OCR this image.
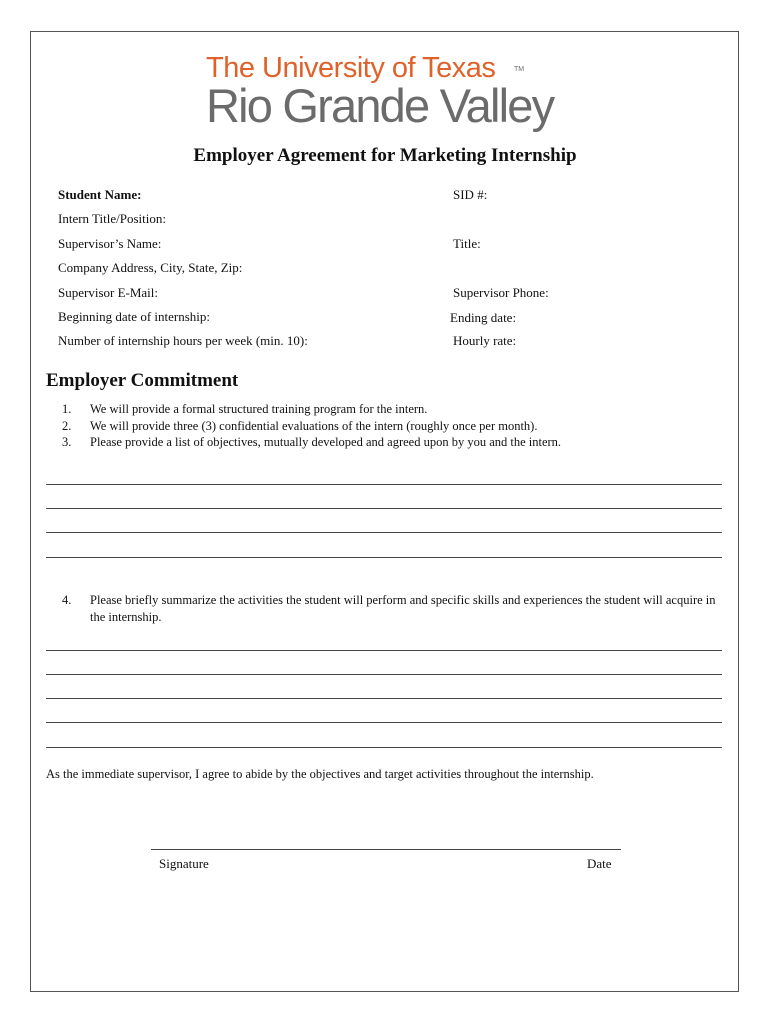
The University of Texas
Rio Grande Valley
TM
Employer Agreement for Marketing Internship
Student Name:	SID #:
Intern Title/Position:
Supervisor’s Name:	Title:
Company Address, City, State, Zip:
Supervisor E-Mail:	Supervisor Phone:
Beginning date of internship:	Ending date:
Number of internship hours per week (min. 10):	Hourly rate:
Employer Commitment
1.	We will provide a formal structured training program for the intern.
2.	We will provide three (3) confidential evaluations of the intern (roughly once per month).
3.	Please provide a list of objectives, mutually developed and agreed upon by you and the intern.
4.	Please briefly summarize the activities the student will perform and specific skills and experiences the student will acquire in the internship.
As the immediate supervisor, I agree to abide by the objectives and target activities throughout the internship.
Signature	Date
